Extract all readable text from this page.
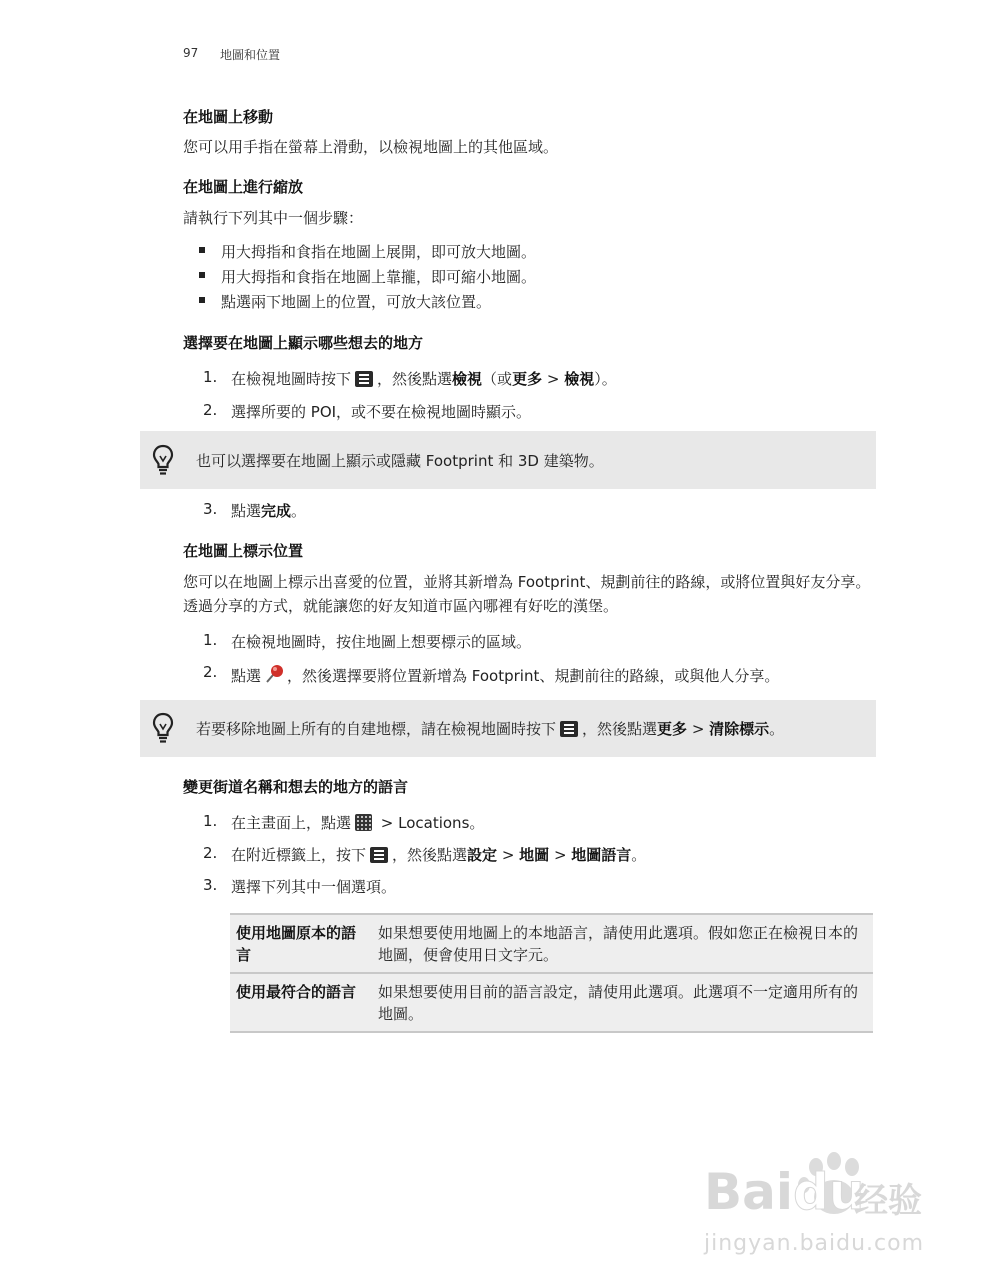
97 地圖和位置
在地圖上移動
您可以用手指在螢幕上滑動，以檢視地圖上的其他區域。
在地圖上進行縮放
請執行下列其中一個步驟：
用大拇指和食指在地圖上展開，即可放大地圖。
用大拇指和食指在地圖上靠攏，即可縮小地圖。
點選兩下地圖上的位置，可放大該位置。
選擇要在地圖上顯示哪些想去的地方
1. 在檢視地圖時按下 ，然後點選檢視（或更多 > 檢視）。
2. 選擇所要的 POI，或不要在檢視地圖時顯示。
也可以選擇要在地圖上顯示或隱藏 Footprint 和 3D 建築物。
3. 點選完成。
在地圖上標示位置
您可以在地圖上標示出喜愛的位置，並將其新增為 Footprint、規劃前往的路線，或將位置與好友分享。透過分享的方式，就能讓您的好友知道市區內哪裡有好吃的漢堡。
1. 在檢視地圖時，按住地圖上想要標示的區域。
2. 點選 ，然後選擇要將位置新增為 Footprint、規劃前往的路線，或與他人分享。
若要移除地圖上所有的自建地標，請在檢視地圖時按下 ，然後點選更多 > 清除標示。
變更街道名稱和想去的地方的語言
1. 在主畫面上，點選 > Locations。
2. 在附近標籤上，按下 ，然後點選設定 > 地圖 > 地圖語言。
3. 選擇下列其中一個選項。
使用地圖原本的語言	如果想要使用地圖上的本地語言，請使用此選項。假如您正在檢視日本的地圖，便會使用日文字元。
使用最符合的語言	如果想要使用目前的語言設定，請使用此選項。此選項不一定適用所有的地圖。
Baidu
经验
jingyan.baidu.com
